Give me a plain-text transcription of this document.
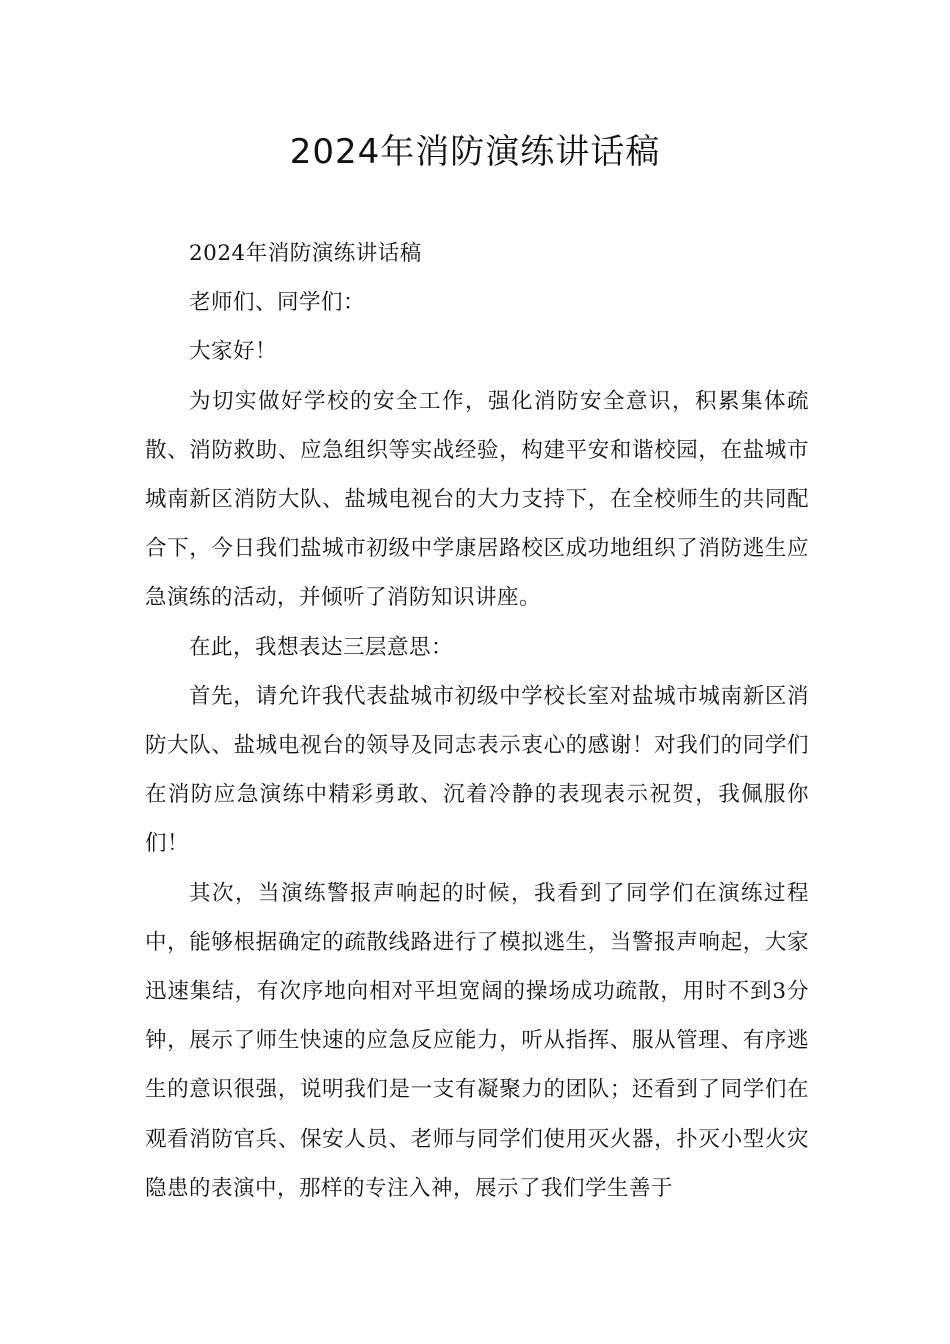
2024年消防演练讲话稿

2024年消防演练讲话稿

老师们、同学们：

大家好！

为切实做好学校的安全工作，强化消防安全意识，积累集体疏散、消防救助、应急组织等实战经验，构建平安和谐校园，在盐城市城南新区消防大队、盐城电视台的大力支持下，在全校师生的共同配合下，今日我们盐城市初级中学康居路校区成功地组织了消防逃生应急演练的活动，并倾听了消防知识讲座。

在此，我想表达三层意思：

首先，请允许我代表盐城市初级中学校长室对盐城市城南新区消防大队、盐城电视台的领导及同志表示衷心的感谢！对我们的同学们在消防应急演练中精彩勇敢、沉着冷静的表现表示祝贺，我佩服你们！

其次，当演练警报声响起的时候，我看到了同学们在演练过程中，能够根据确定的疏散线路进行了模拟逃生，当警报声响起，大家迅速集结，有次序地向相对平坦宽阔的操场成功疏散，用时不到3分钟，展示了师生快速的应急反应能力，听从指挥、服从管理、有序逃生的意识很强，说明我们是一支有凝聚力的团队；还看到了同学们在观看消防官兵、保安人员、老师与同学们使用灭火器，扑灭小型火灾隐患的表演中，那样的专注入神，展示了我们学生善于
